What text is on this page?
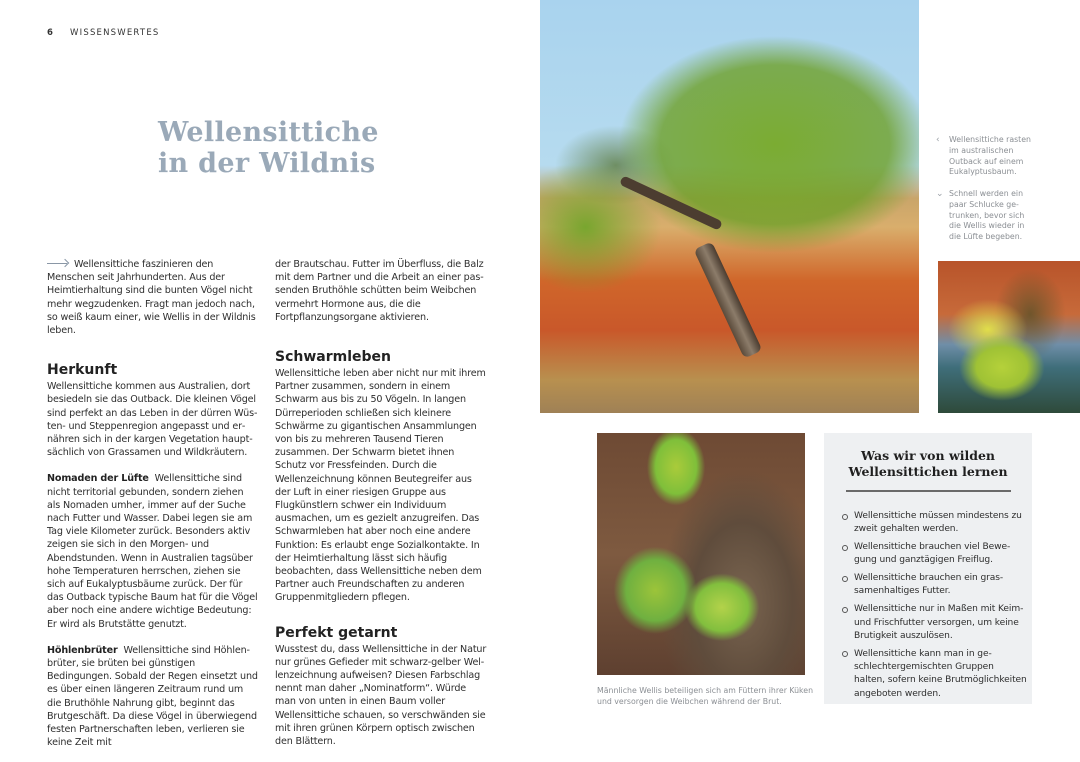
6 WISSENSWERTES
Wellensittiche
in der Wildnis

Wellensittiche faszinieren den Menschen seit Jahrhunderten. Aus der Heimtierhaltung sind die bunten Vögel nicht mehr wegzudenken. Fragt man jedoch nach, so weiß kaum einer, wie Wellis in der Wildnis leben.

Herkunft

Wellensittiche kommen aus Australien, dort besiedeln sie das Outback. Die kleinen Vögel sind perfekt an das Leben in der dürren Wüsten- und Steppenregion angepasst und ernähren sich in der kargen Vegetation hauptsächlich von Grassamen und Wildkräutern.

Nomaden der Lüfte Wellensittiche sind nicht territorial gebunden, sondern ziehen als Nomaden umher, immer auf der Suche nach Futter und Wasser. Dabei legen sie am Tag viele Kilometer zurück. Besonders aktiv zeigen sie sich in den Morgen- und Abendstunden. Wenn in Australien tagsüber hohe Temperaturen herrschen, ziehen sie sich auf Eukalyptusbäume zurück. Der für das Outback typische Baum hat für die Vögel aber noch eine andere wichtige Bedeutung: Er wird als Brutstätte genutzt.

Höhlenbrüter Wellensittiche sind Höhlenbrüter, sie brüten bei günstigen Bedingungen. Sobald der Regen einsetzt und es über einen längeren Zeitraum rund um die Bruthöhle Nahrung gibt, beginnt das Brutgeschäft. Da diese Vögel in überwiegend festen Partnerschaften leben, verlieren sie keine Zeit mit

der Brautschau. Futter im Überfluss, die Balz mit dem Partner und die Arbeit an einer passenden Bruthöhle schütten beim Weibchen vermehrt Hormone aus, die die Fortpflanzungsorgane aktivieren.

Schwarmleben

Wellensittiche leben aber nicht nur mit ihrem Partner zusammen, sondern in einem Schwarm aus bis zu 50 Vögeln. In langen Dürreperioden schließen sich kleinere Schwärme zu gigantischen Ansammlungen von bis zu mehreren Tausend Tieren zusammen. Der Schwarm bietet ihnen Schutz vor Fressfeinden. Durch die Wellenzeichnung können Beutegreifer aus der Luft in einer riesigen Gruppe aus Flugkünstlern schwer ein Individuum ausmachen, um es gezielt anzugreifen. Das Schwarmleben hat aber noch eine andere Funktion: Es erlaubt enge Sozialkontakte. In der Heimtierhaltung lässt sich häufig beobachten, dass Wellensittiche neben dem Partner auch Freundschaften zu anderen Gruppenmitgliedern pflegen.

Perfekt getarnt

Wusstest du, dass Wellensittiche in der Natur nur grünes Gefieder mit schwarz-gelber Wellenzeichnung aufweisen? Diesen Farbschlag nennt man daher „Nominatform“. Würde man von unten in einen Baum voller Wellensittiche schauen, so verschwänden sie mit ihren grünen Körpern optisch zwischen den Blättern.

‹	Wellensittiche rasten im australischen Outback auf einem Eukalyptusbaum.
⌄ Schnell werden ein paar Schlucke getrunken, bevor sich die Wellis wieder in die Lüfte begeben.
Männliche Wellis beteiligen sich am Füttern ihrer Küken und versorgen die Weibchen während der Brut.
Was wir von wilden
Wellensittichen lernen
Wellensittiche müssen mindestens zu zweit gehalten werden.
Wellensittiche brauchen viel Bewegung und ganztägigen Freiflug.
Wellensittiche brauchen ein grassamenhaltiges Futter.
Wellensittiche nur in Maßen mit Keim- und Frischfutter versorgen, um keine Brutigkeit auszulösen.
Wellensittiche kann man in geschlechtergemischten Gruppen halten, sofern keine Brutmöglichkeiten angeboten werden.
